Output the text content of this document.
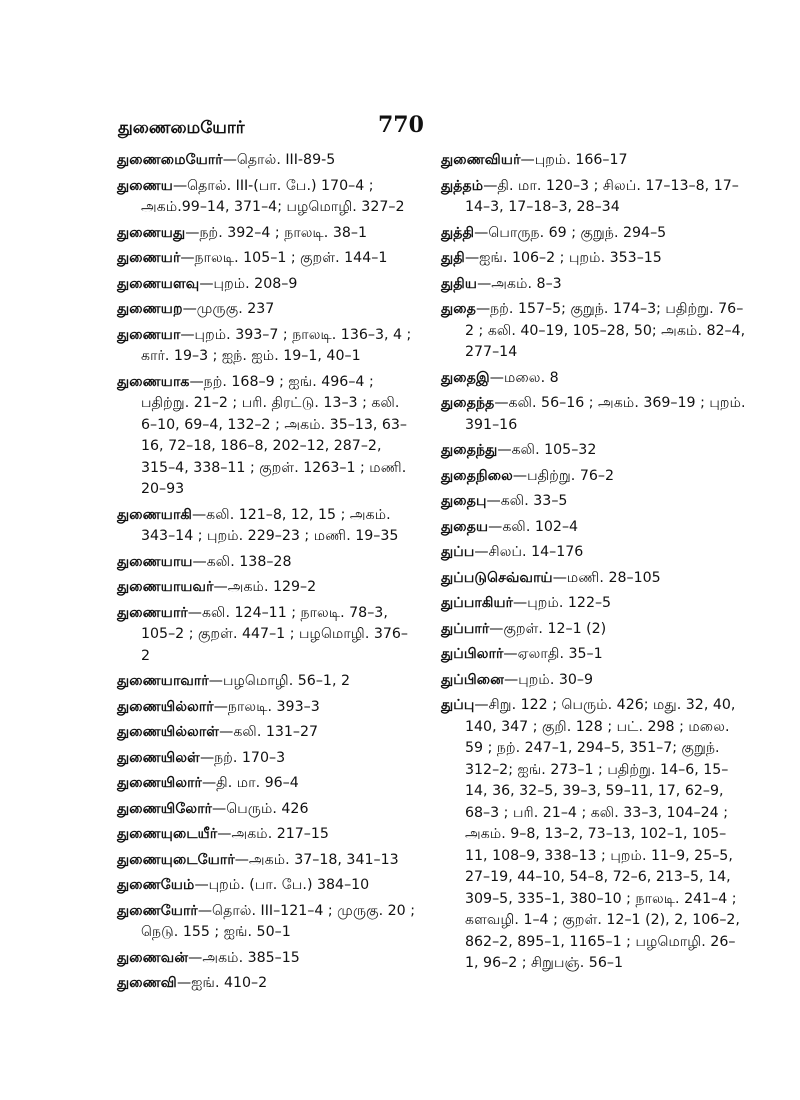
துணைமையோர்	770
துணைமையோர்—தொல். III-89-5
துணைய—தொல். III-(பா. பே.) 170–4 ; அகம்.99–14, 371–4; பழமொழி. 327–2
துணையது—நற். 392–4 ; நாலடி. 38–1
துணையர்—நாலடி. 105–1 ; குறள். 144–1
துணையளவு—புறம். 208–9
துணையற—முருகு. 237
துணையா—புறம். 393–7 ; நாலடி. 136–3, 4 ; கார். 19–3 ; ஐந். ஐம். 19–1, 40–1
துணையாக—நற். 168–9 ; ஐங். 496–4 ; பதிற்று. 21–2 ; பரி. திரட்டு. 13–3 ; கலி. 6–10, 69–4, 132–2 ; அகம். 35–13, 63–16, 72–18, 186–8, 202–12, 287–2, 315–4, 338–11 ; குறள். 1263–1 ; மணி. 20–93
துணையாகி—கலி. 121–8, 12, 15 ; அகம். 343–14 ; புறம். 229–23 ; மணி. 19–35
துணையாய—கலி. 138–28
துணையாயவர்—அகம். 129–2
துணையார்—கலி. 124–11 ; நாலடி. 78–3, 105–2 ; குறள். 447–1 ; பழமொழி. 376–2
துணையாவார்—பழமொழி. 56–1, 2
துணையில்லார்—நாலடி. 393–3
துணையில்லாள்—கலி. 131–27
துணையிலள்—நற். 170–3
துணையிலார்—தி. மா. 96–4
துணையிலோர்—பெரும். 426
துணையுடையீர்—அகம். 217–15
துணையுடையோர்—அகம். 37–18, 341–13
துணையேம்—புறம். (பா. பே.) 384–10
துணையோர்—தொல். III–121–4 ; முருகு. 20 ; நெடு. 155 ; ஐங். 50–1
துணைவன்—அகம். 385–15
துணைவி—ஐங். 410–2
துணைவியர்—புறம். 166–17
துத்தம்—தி. மா. 120–3 ; சிலப். 17–13–8, 17–14–3, 17–18–3, 28–34
துத்தி—பொருந. 69 ; குறுந். 294–5
துதி—ஐங். 106–2 ; புறம். 353–15
துதிய—அகம். 8–3
துதை—நற். 157–5; குறுந். 174–3; பதிற்று. 76–2 ; கலி. 40–19, 105–28, 50; அகம். 82–4, 277–14
துதைஇ—மலை. 8
துதைந்த—கலி. 56–16 ; அகம். 369–19 ; புறம். 391–16
துதைந்து—கலி. 105–32
துதைநிலை—பதிற்று. 76–2
துதைபு—கலி. 33–5
துதைய—கலி. 102–4
துப்ப—சிலப். 14–176
துப்படுசெவ்வாய்—மணி. 28–105
துப்பாகியர்—புறம். 122–5
துப்பார்—குறள். 12–1 (2)
துப்பிலார்—ஏலாதி. 35–1
துப்பினை—புறம். 30–9
துப்பு—சிறு. 122 ; பெரும். 426; மது. 32, 40, 140, 347 ; குறி. 128 ; பட். 298 ; மலை. 59 ; நற். 247–1, 294–5, 351–7; குறுந். 312–2; ஐங். 273–1 ; பதிற்று. 14–6, 15–14, 36, 32–5, 39–3, 59–11, 17, 62–9, 68–3 ; பரி. 21–4 ; கலி. 33–3, 104–24 ; அகம். 9–8, 13–2, 73–13, 102–1, 105–11, 108–9, 338–13 ; புறம். 11–9, 25–5, 27–19, 44–10, 54–8, 72–6, 213–5, 14, 309–5, 335–1, 380–10 ; நாலடி. 241–4 ; களவழி. 1–4 ; குறள். 12–1 (2), 2, 106–2, 862–2, 895–1, 1165–1 ; பழமொழி. 26–1, 96–2 ; சிறுபஞ். 56–1
